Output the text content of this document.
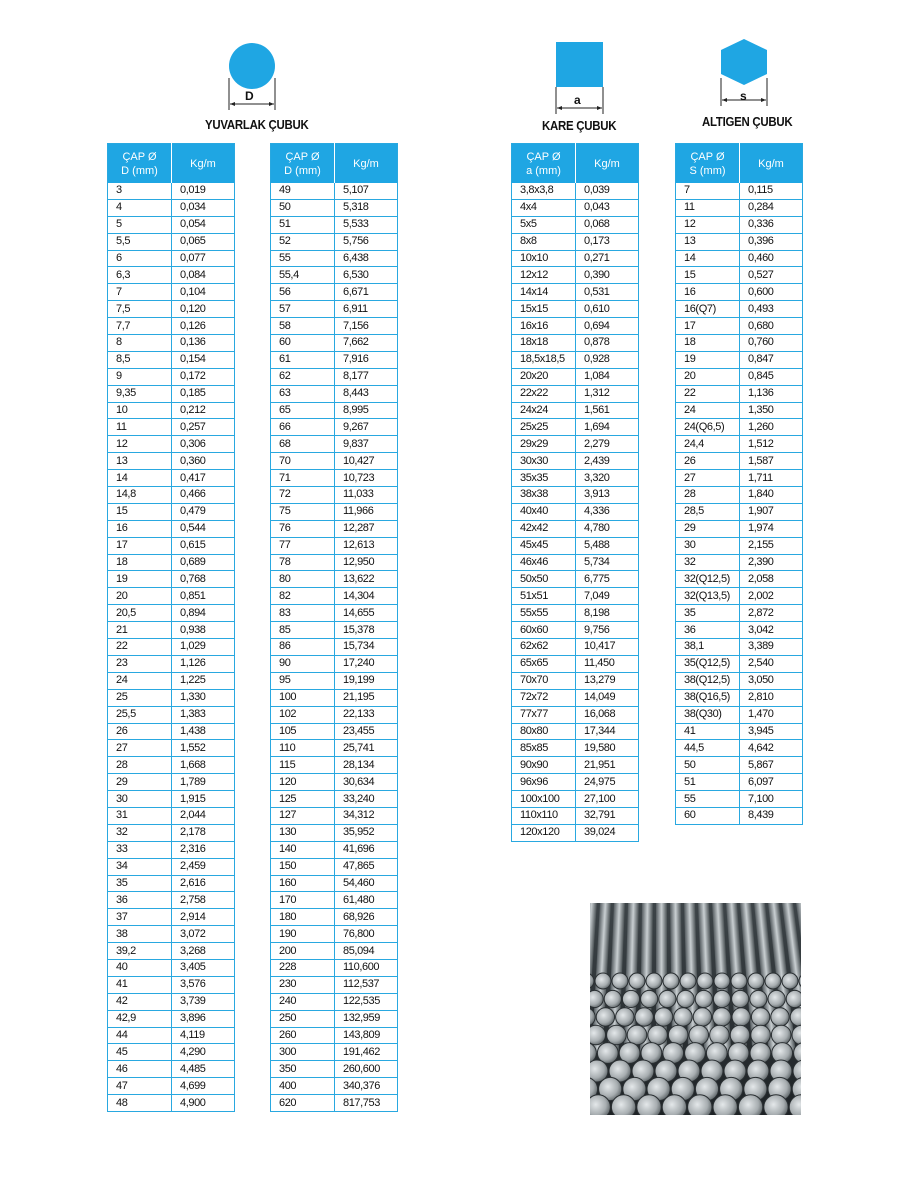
D
YUVARLAK ÇUBUK
a
KARE ÇUBUK
s
ALTIGEN ÇUBUK
ÇAP Ø
D (mm)	Kg/m
3	0,019
4	0,034
5	0,054
5,5	0,065
6	0,077
6,3	0,084
7	0,104
7,5	0,120
7,7	0,126
8	0,136
8,5	0,154
9	0,172
9,35	0,185
10	0,212
11	0,257
12	0,306
13	0,360
14	0,417
14,8	0,466
15	0,479
16	0,544
17	0,615
18	0,689
19	0,768
20	0,851
20,5	0,894
21	0,938
22	1,029
23	1,126
24	1,225
25	1,330
25,5	1,383
26	1,438
27	1,552
28	1,668
29	1,789
30	1,915
31	2,044
32	2,178
33	2,316
34	2,459
35	2,616
36	2,758
37	2,914
38	3,072
39,2	3,268
40	3,405
41	3,576
42	3,739
42,9	3,896
44	4,119
45	4,290
46	4,485
47	4,699
48	4,900
ÇAP Ø
D (mm)	Kg/m
49	5,107
50	5,318
51	5,533
52	5,756
55	6,438
55,4	6,530
56	6,671
57	6,911
58	7,156
60	7,662
61	7,916
62	8,177
63	8,443
65	8,995
66	9,267
68	9,837
70	10,427
71	10,723
72	11,033
75	11,966
76	12,287
77	12,613
78	12,950
80	13,622
82	14,304
83	14,655
85	15,378
86	15,734
90	17,240
95	19,199
100	21,195
102	22,133
105	23,455
110	25,741
115	28,134
120	30,634
125	33,240
127	34,312
130	35,952
140	41,696
150	47,865
160	54,460
170	61,480
180	68,926
190	76,800
200	85,094
228	110,600
230	112,537
240	122,535
250	132,959
260	143,809
300	191,462
350	260,600
400	340,376
620	817,753
ÇAP Ø
a (mm)	Kg/m
3,8x3,8	0,039
4x4	0,043
5x5	0,068
8x8	0,173
10x10	0,271
12x12	0,390
14x14	0,531
15x15	0,610
16x16	0,694
18x18	0,878
18,5x18,5	0,928
20x20	1,084
22x22	1,312
24x24	1,561
25x25	1,694
29x29	2,279
30x30	2,439
35x35	3,320
38x38	3,913
40x40	4,336
42x42	4,780
45x45	5,488
46x46	5,734
50x50	6,775
51x51	7,049
55x55	8,198
60x60	9,756
62x62	10,417
65x65	11,450
70x70	13,279
72x72	14,049
77x77	16,068
80x80	17,344
85x85	19,580
90x90	21,951
96x96	24,975
100x100	27,100
110x110	32,791
120x120	39,024
ÇAP Ø
S (mm)	Kg/m
7	0,115
11	0,284
12	0,336
13	0,396
14	0,460
15	0,527
16	0,600
16(Q7)	0,493
17	0,680
18	0,760
19	0,847
20	0,845
22	1,136
24	1,350
24(Q6,5)	1,260
24,4	1,512
26	1,587
27	1,711
28	1,840
28,5	1,907
29	1,974
30	2,155
32	2,390
32(Q12,5)	2,058
32(Q13,5)	2,002
35	2,872
36	3,042
38,1	3,389
35(Q12,5)	2,540
38(Q12,5)	3,050
38(Q16,5)	2,810
38(Q30)	1,470
41	3,945
44,5	4,642
50	5,867
51	6,097
55	7,100
60	8,439
